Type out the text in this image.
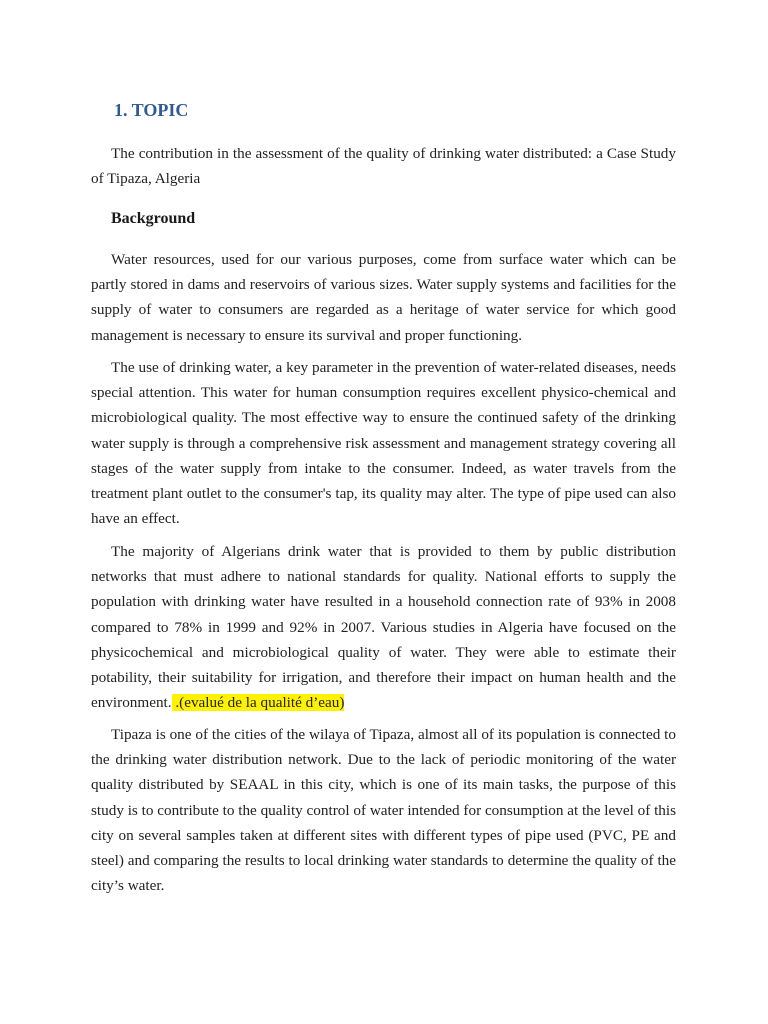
1. TOPIC

The contribution in the assessment of the quality of drinking water distributed: a Case Study of Tipaza, Algeria

Background

Water resources, used for our various purposes, come from surface water which can be partly stored in dams and reservoirs of various sizes. Water supply systems and facilities for the supply of water to consumers are regarded as a heritage of water service for which good management is necessary to ensure its survival and proper functioning.

The use of drinking water, a key parameter in the prevention of water-related diseases, needs special attention. This water for human consumption requires excellent physico-chemical and microbiological quality. The most effective way to ensure the continued safety of the drinking water supply is through a comprehensive risk assessment and management strategy covering all stages of the water supply from intake to the consumer. Indeed, as water travels from the treatment plant outlet to the consumer's tap, its quality may alter. The type of pipe used can also have an effect.

The majority of Algerians drink water that is provided to them by public distribution networks that must adhere to national standards for quality. National efforts to supply the population with drinking water have resulted in a household connection rate of 93% in 2008 compared to 78% in 1999 and 92% in 2007. Various studies in Algeria have focused on the physicochemical and microbiological quality of water. They were able to estimate their potability, their suitability for irrigation, and therefore their impact on human health and the environment. .(evalué de la qualité d’eau)

Tipaza is one of the cities of the wilaya of Tipaza, almost all of its population is connected to the drinking water distribution network. Due to the lack of periodic monitoring of the water quality distributed by SEAAL in this city, which is one of its main tasks, the purpose of this study is to contribute to the quality control of water intended for consumption at the level of this city on several samples taken at different sites with different types of pipe used (PVC, PE and steel) and comparing the results to local drinking water standards to determine the quality of the city’s water.
